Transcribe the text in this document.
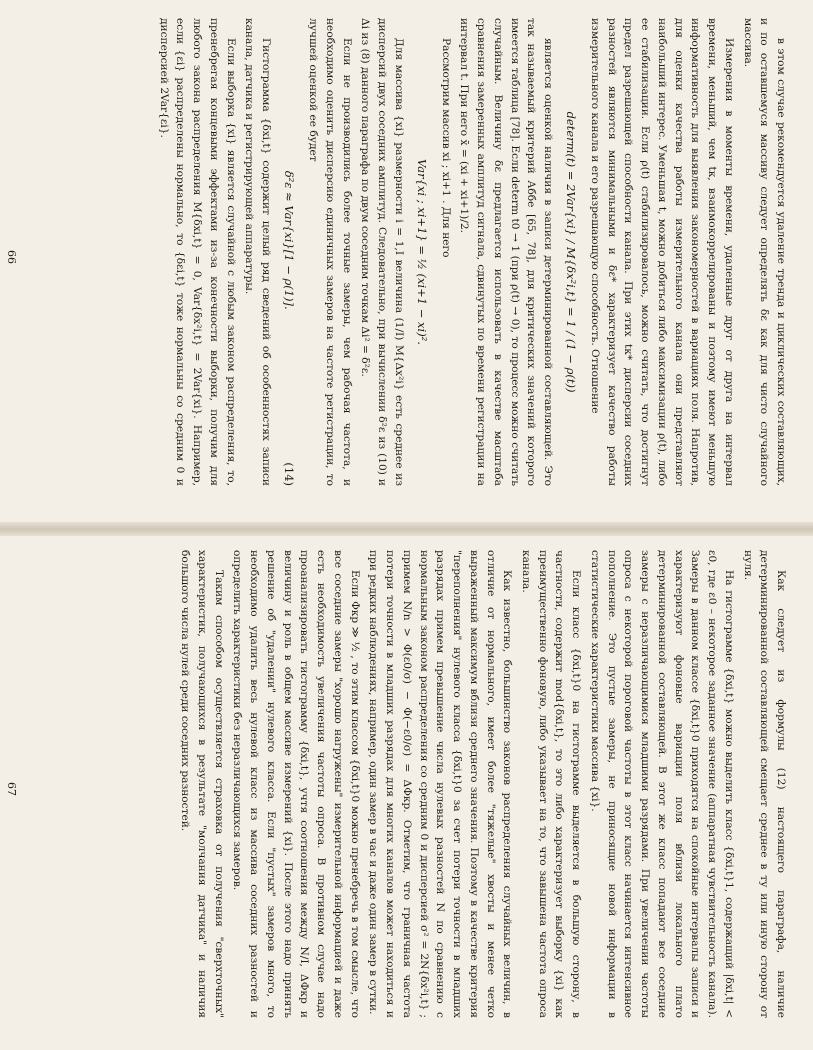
в этом случае рекомендуется удаление тренда и циклических составляющих, и по оставшемуся массиву следует определять δε как для чисто случайного массива.

Измерения в моменты времени, удаленные друг от друга на интервал времени, меньший, чем tк, взаимокоррелированы и поэтому имеют меньшую информативность для выявления закономерностей в вариациях поля. Напротив, для оценки качества работы измерительного канала они представляют наибольший интерес. Уменьшая t, можно добиться либо максимизации ρ(t), либо ее стабилизации. Если ρ(t) стабилизировалось, можно считать, что достигнут предел разрешающей способности канала. При этих tк* дисперсии соседних разностей являются минимальными и δε* характеризует качество работы измерительного канала и его разрешающую способность. Отношение

determ(t) = 2Var{xi} / M{δx²i,t} = 1 / (1 − ρ(t))

является оценкой наличия в записи детерминированной составляющей. Это так называемый критерий Аббе [65, 78], для критических значений которого имеется таблица [78]. Если determ t0 → 1 (при ρ(t) → 0), то процесс можно считать случайным. Величину δε предлагается использовать в качестве масштаба сравнения замеренных амплитуд сигнала, сдвинутых по времени регистрации на интервал t. При него x̄ = (xi + xi+1)/2.

Рассмотрим массив xi ; xi+1 . Для него

Var{xi ; xi+1} = ½ (xi+1 − xi)².

Для массива {xi} размерности i = 1,I величина (1/I) M{Δx²i} есть среднее из дисперсий двух соседних амплитуд. Следовательно, при вычислении δ²ε из (10) и Δi из (8) данного параграфа по двум соседним точкам Δi² = δ²ε.

Если не производились более точные замеры, чем рабочая частота, и необходимо оценить дисперсию единичных замеров на частоте регистрации, то лучшей оценкой ее будет

δ²ε ≈ Var{xi}[1 − ρ(1)].
(14)

Гистограмма {δxi,t} содержит целый ряд сведений об особенностях записи канала, датчика и регистрирующей аппаратуры.

Если выборка {xi} является случайной с любым законом распределения, то, пренебрегая концевыми эффектами из-за конечности выборки, получим для любого закона распределения M{δxi,t} = 0, Var{δx²i,t} = 2Var{xi}. Например, если {εi} распределены нормально, то {δεi,t} тоже нормальны со средним 0 и дисперсией 2Var{εi}.

66

Как следует из формулы (12) настоящего параграфа, наличие детерминированной составляющей смещает среднее в ту или иную сторону от нуля.

На гистограмме {δxi,t} можно выделить класс {δxi,t}1, содержащий |δxi,t| < ε0, где ε0 – некоторое заданное значение (аппаратная чувствительность канала). Замеры в данном классе {δxi,t}0 приходятся на спокойные интервалы записи и характеризуют фоновые вариации поля вблизи локального плато детерминированной составляющей. В этот же класс попадают все соседние замеры с неразличающимися младшими разрядами. При увеличении частоты опроса с некоторой пороговой частоты в этот класс начинается интенсивное пополнение. Это пустые замеры, не приносящие новой информации в статистические характеристики массива {xi}.

Если класс {δxi,t}0 на гистограмме выделяется в большую сторону, в частности, содержит mod{δxi,t}, то это либо характеризует выборку {xi} как преимущественно фоновую, либо указывает на то, что завышена частота опроса канала.

Как известно, большинство законов распределения случайных величин, в отличие от нормального, имеет более "тяжелые" хвосты и менее четко выраженный максимум вблизи среднего значения. Поэтому в качестве критерия "переполнения" нулевого класса {δxi,t}0 за счет потери точности в младших разрядах примем превышение числа нулевых разностей N по сравнению с нормальным законом распределения со средним 0 и дисперсией σ² = 2N{δx²i,t} ; примем N/n > Φ(ε0/σ) − Φ(−ε0/σ) = ΔΦкр. Отметим, что граничная частота потери точности в младших разрядах для многих каналов может находиться и при редких наблюдениях, например, один замер в час и даже один замер в сутки.

Если Φкр ≫ ½ , то этим классом {δxi,t}0 можно пренебречь в том смысле, что все соседние замеры "хорошо нагружены" измерительной информацией и даже есть необходимость увеличения частоты опроса. В противном случае надо проанализировать гистограмму {δxi,t}, учтя соотношения между N/I, ΔΦкр и величину и роль в общем массиве измерений {xi}. После этого надо принять решение об "удалении" нулевого класса. Если "пустых" замеров много, то необходимо удалить весь нулевой класс из массива соседних разностей и определить характеристики без неразличающихся замеров.

Таким способом осуществляется страховка от получения "сверхточных" характеристик, получающихся в результате "молчания датчика" и наличия большого числа нулей среди соседних разностей.

67
